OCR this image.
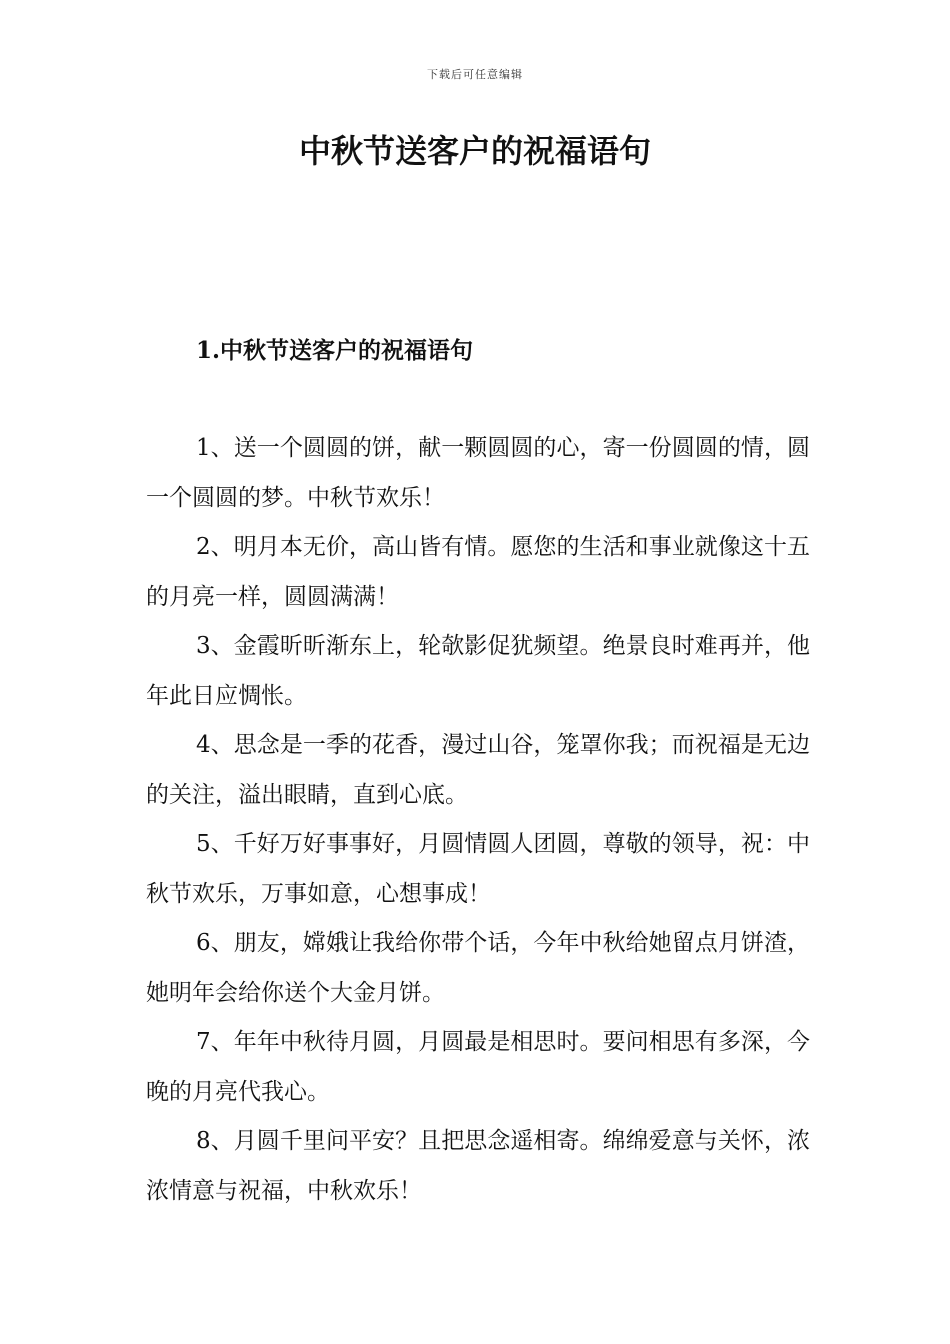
下载后可任意编辑
中秋节送客户的祝福语句
1.中秋节送客户的祝福语句

1、送一个圆圆的饼，献一颗圆圆的心，寄一份圆圆的情，圆一个圆圆的梦。中秋节欢乐！

2、明月本无价，高山皆有情。愿您的生活和事业就像这十五的月亮一样，圆圆满满！

3、金霞昕昕渐东上，轮欹影促犹频望。绝景良时难再并，他年此日应惆怅。

4、思念是一季的花香，漫过山谷，笼罩你我；而祝福是无边的关注，溢出眼睛，直到心底。

5、千好万好事事好，月圆情圆人团圆，尊敬的领导，祝：中秋节欢乐，万事如意，心想事成！

6、朋友，嫦娥让我给你带个话，今年中秋给她留点月饼渣，她明年会给你送个大金月饼。

7、年年中秋待月圆，月圆最是相思时。要问相思有多深，今晚的月亮代我心。

8、月圆千里问平安？且把思念遥相寄。绵绵爱意与关怀，浓浓情意与祝福，中秋欢乐！
